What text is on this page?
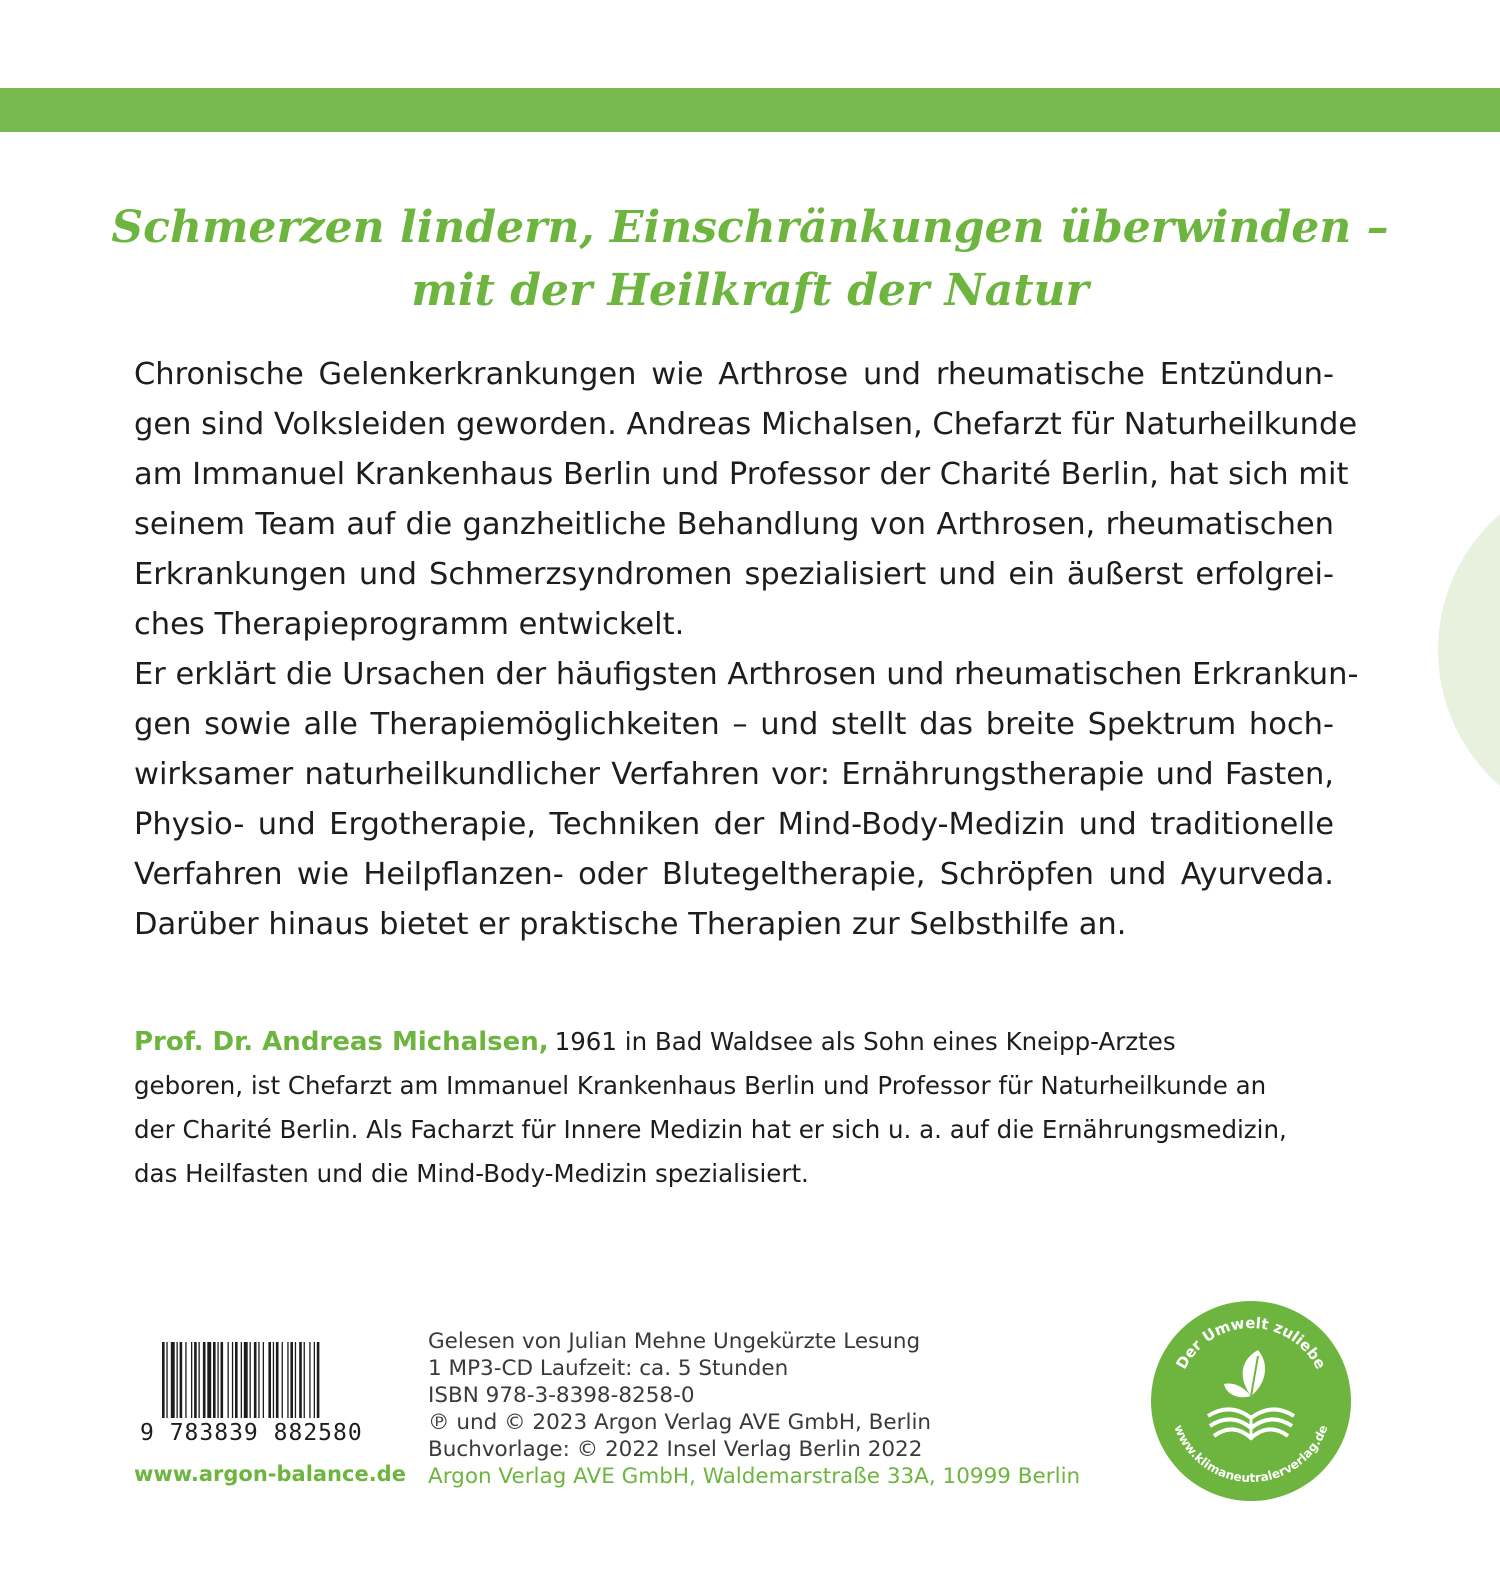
Schmerzen lindern, Einschränkungen überwinden –
mit der Heilkraft der Natur
Chronische Gelenkerkrankungen wie Arthrose und rheumatische Entzündun-
gen sind Volksleiden geworden. Andreas Michalsen, Chefarzt für Naturheilkunde
am Immanuel Krankenhaus Berlin und Professor der Charité Berlin, hat sich mit
seinem Team auf die ganzheitliche Behandlung von Arthrosen, rheumatischen
Erkrankungen und Schmerzsyndromen spezialisiert und ein äußerst erfolgrei-
ches Therapieprogramm entwickelt.
Er erklärt die Ursachen der häufigsten Arthrosen und rheumatischen Erkrankun-
gen sowie alle Therapiemöglichkeiten – und stellt das breite Spektrum hoch-
wirksamer naturheilkundlicher Verfahren vor: Ernährungstherapie und Fasten,
Physio- und Ergotherapie, Techniken der Mind-Body-Medizin und traditionelle
Verfahren wie Heilpflanzen- oder Blutegeltherapie, Schröpfen und Ayurveda.
Darüber hinaus bietet er praktische Therapien zur Selbsthilfe an.
Prof. Dr. Andreas Michalsen, 1961 in Bad Waldsee als Sohn eines Kneipp-Arztes
geboren, ist Chefarzt am Immanuel Krankenhaus Berlin und Professor für Naturheilkunde an
der Charité Berlin. Als Facharzt für Innere Medizin hat er sich u. a. auf die Ernährungsmedizin,
das Heilfasten und die Mind-Body-Medizin spezialisiert.
9 783839 882580
www.argon-balance.de
Gelesen von Julian Mehne Ungekürzte Lesung
1 MP3-CD Laufzeit: ca. 5 Stunden
ISBN 978-3-8398-8258-0
℗ und © 2023 Argon Verlag AVE GmbH, Berlin
Buchvorlage: © 2022 Insel Verlag Berlin 2022
Argon Verlag AVE GmbH, Waldemarstraße 33A, 10999 Berlin
Der Umwelt zuliebe
www.klimaneutralerverlag.de
